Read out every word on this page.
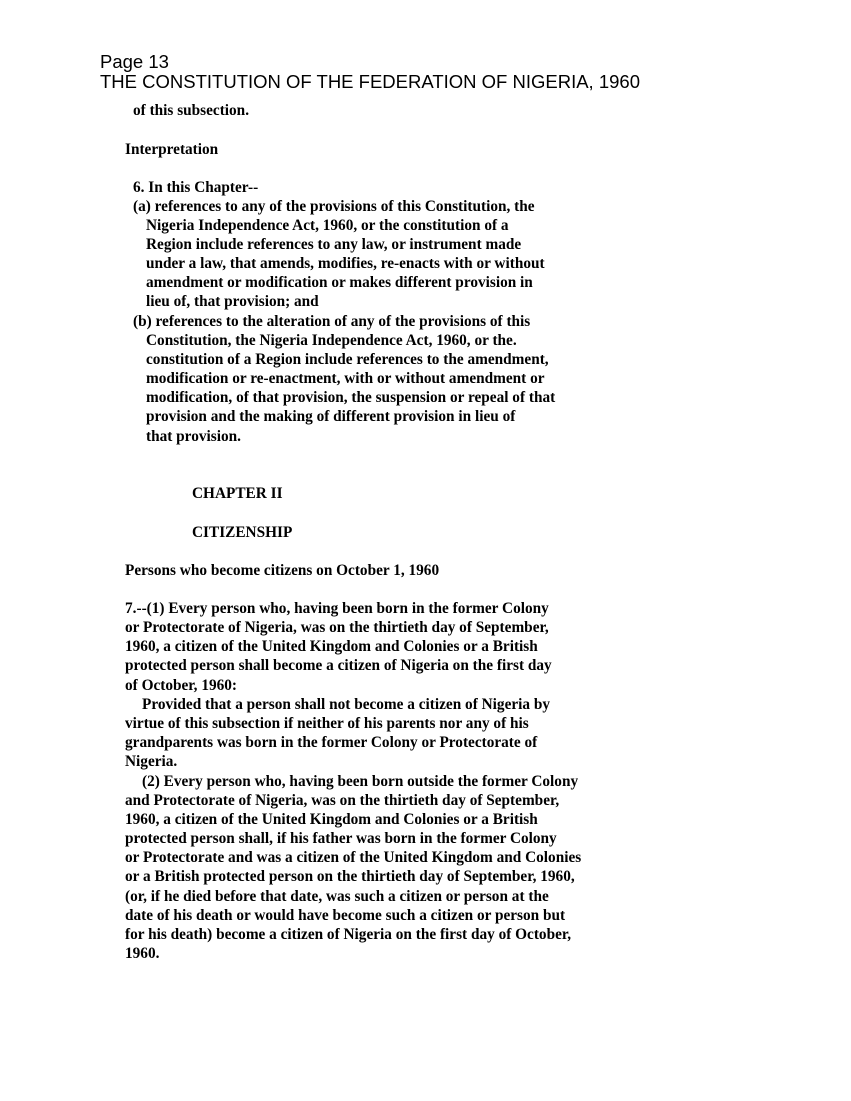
Page 13
THE CONSTITUTION OF THE FEDERATION OF NIGERIA, 1960

of this subsection.

Interpretation

6. In this Chapter--

(a) references to any of the provisions of this Constitution, the

Nigeria Independence Act, 1960, or the constitution of a

Region include references to any law, or instrument made

under a law, that amends, modifies, re-enacts with or without

amendment or modification or makes different provision in

lieu of, that provision; and

(b) references to the alteration of any of the provisions of this

Constitution, the Nigeria Independence Act, 1960, or the.

constitution of a Region include references to the amendment,

modification or re-enactment, with or without amendment or

modification, of that provision, the suspension or repeal of that

provision and the making of different provision in lieu of

that provision.

CHAPTER II

CITIZENSHIP

Persons who become citizens on October 1, 1960

7.--(1) Every person who, having been born in the former Colony

or Protectorate of Nigeria, was on the thirtieth day of September,

1960, a citizen of the United Kingdom and Colonies or a British

protected person shall become a citizen of Nigeria on the first day

of October, 1960:

Provided that a person shall not become a citizen of Nigeria by

virtue of this subsection if neither of his parents nor any of his

grandparents was born in the former Colony or Protectorate of

Nigeria.

(2) Every person who, having been born outside the former Colony

and Protectorate of Nigeria, was on the thirtieth day of September,

1960, a citizen of the United Kingdom and Colonies or a British

protected person shall, if his father was born in the former Colony

or Protectorate and was a citizen of the United Kingdom and Colonies

or a British protected person on the thirtieth day of September, 1960,

(or, if he died before that date, was such a citizen or person at the

date of his death or would have become such a citizen or person but

for his death) become a citizen of Nigeria on the first day of October,

1960.
